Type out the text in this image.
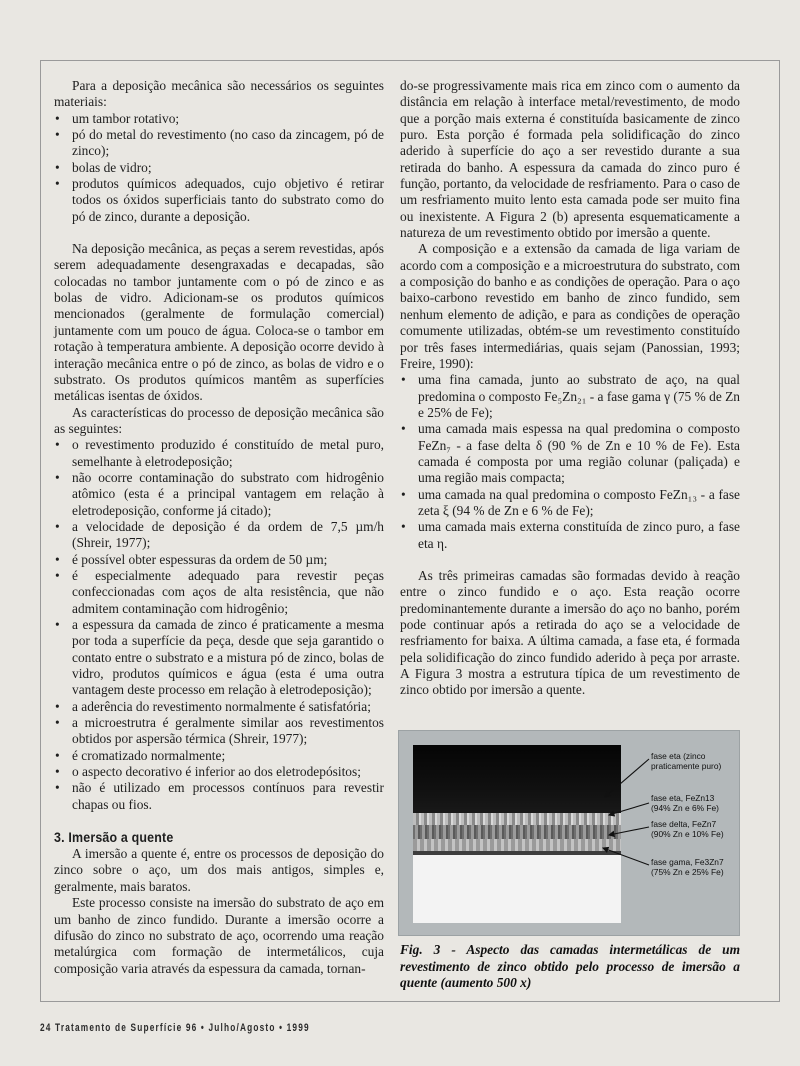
Para a deposição mecânica são necessários os seguintes materiais:

• um tambor rotativo;
• pó do metal do revestimento (no caso da zincagem, pó de zinco);
• bolas de vidro;
• produtos químicos adequados, cujo objetivo é retirar todos os óxidos superficiais tanto do substrato como do pó de zinco, durante a deposição.

Na deposição mecânica, as peças a serem revestidas, após serem adequadamente desengraxadas e decapadas, são colocadas no tambor juntamente com o pó de zinco e as bolas de vidro. Adicionam-se os produtos químicos mencionados (geralmente de formulação comercial) juntamente com um pouco de água. Coloca-se o tambor em rotação à temperatura ambiente. A deposição ocorre devido à interação mecânica entre o pó de zinco, as bolas de vidro e o substrato. Os produtos químicos mantêm as superfícies metálicas isentas de óxidos.

As características do processo de deposição mecânica são as seguintes:

• o revestimento produzido é constituído de metal puro, semelhante à eletrodeposição;
• não ocorre contaminação do substrato com hidrogênio atômico (esta é a principal vantagem em relação à eletrodeposição, conforme já citado);
• a velocidade de deposição é da ordem de 7,5 µm/h (Shreir, 1977);
• é possível obter espessuras da ordem de 50 µm;
• é especialmente adequado para revestir peças confeccionadas com aços de alta resistência, que não admitem contaminação com hidrogênio;
• a espessura da camada de zinco é praticamente a mesma por toda a superfície da peça, desde que seja garantido o contato entre o substrato e a mistura pó de zinco, bolas de vidro, produtos químicos e água (esta é uma outra vantagem deste processo em relação à eletrodeposição);
• a aderência do revestimento normalmente é satisfatória;
• a microestrutra é geralmente similar aos revestimentos obtidos por aspersão térmica (Shreir, 1977);
• é cromatizado normalmente;
• o aspecto decorativo é inferior ao dos eletrodepósitos;
• não é utilizado em processos contínuos para revestir chapas ou fios.
3. Imersão a quente

A imersão a quente é, entre os processos de deposição do zinco sobre o aço, um dos mais antigos, simples e, geralmente, mais baratos.

Este processo consiste na imersão do substrato de aço em um banho de zinco fundido. Durante a imersão ocorre a difusão do zinco no substrato de aço, ocorrendo uma reação metalúrgica com formação de intermetálicos, cuja composição varia através da espessura da camada, tornan-

do-se progressivamente mais rica em zinco com o aumento da distância em relação à interface metal/revestimento, de modo que a porção mais externa é constituída basicamente de zinco puro. Esta porção é formada pela solidificação do zinco aderido à superfície do aço a ser revestido durante a sua retirada do banho. A espessura da camada do zinco puro é função, portanto, da velocidade de resfriamento. Para o caso de um resfriamento muito lento esta camada pode ser muito fina ou inexistente. A Figura 2 (b) apresenta esquematicamente a natureza de um revestimento obtido por imersão a quente.

A composição e a extensão da camada de liga variam de acordo com a composição e a microestrutura do substrato, com a composição do banho e as condições de operação. Para o aço baixo-carbono revestido em banho de zinco fundido, sem nenhum elemento de adição, e para as condições de operação comumente utilizadas, obtém-se um revestimento constituído por três fases intermediárias, quais sejam (Panossian, 1993; Freire, 1990):

• uma fina camada, junto ao substrato de aço, na qual predomina o composto Fe₅Zn₂₁ - a fase gama γ (75 % de Zn e 25% de Fe);
• uma camada mais espessa na qual predomina o composto FeZn₇ - a fase delta δ (90 % de Zn e 10 % de Fe). Esta camada é composta por uma região colunar (paliçada) e uma região mais compacta;
• uma camada na qual predomina o composto FeZn₁₃ - a fase zeta ξ (94 % de Zn e 6 % de Fe);
• uma camada mais externa constituída de zinco puro, a fase eta η.

As três primeiras camadas são formadas devido à reação entre o zinco fundido e o aço. Esta reação ocorre predominantemente durante a imersão do aço no banho, porém pode continuar após a retirada do aço se a velocidade de resfriamento for baixa. A última camada, a fase eta, é formada pela solidificação do zinco fundido aderido à peça por arraste. A Figura 3 mostra a estrutura típica de um revestimento de zinco obtido por imersão a quente.

fase eta (zinco
praticamente puro)
fase eta, FeZn13
(94% Zn e 6% Fe)
fase delta, FeZn7
(90% Zn e 10% Fe)
fase gama, Fe3Zn7
(75% Zn e 25% Fe)
Fig. 3 - Aspecto das camadas intermetálicas de um revestimento de zinco obtido pelo processo de imersão a quente (aumento 500 x)
24 Tratamento de Superfície 96 • Julho/Agosto • 1999
